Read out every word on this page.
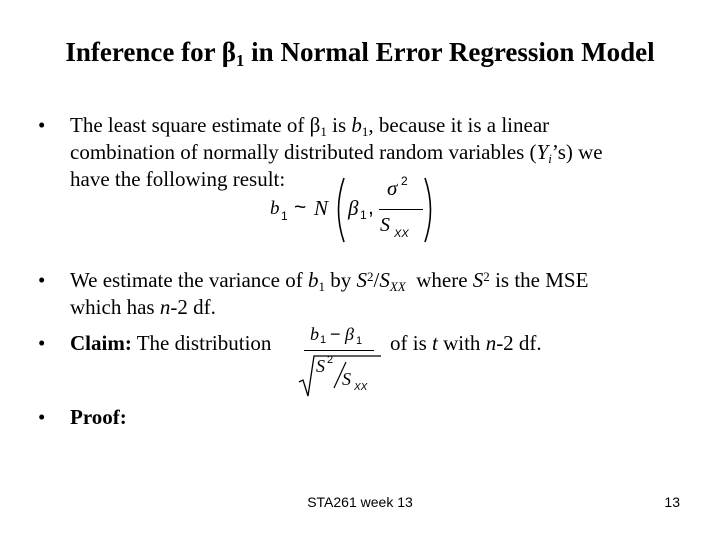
Inference for β1 in Normal Error Regression Model
• The least square estimate of β1 is b1, because it is a linear
combination of normally distributed random variables (Yi’s) we
have the following result:
b 1 ~ N β 1 ,
σ 2
S XX
• We estimate the variance of b1 by $S^2$/SXX  where $S^2$ is the MSE
which has n-2 df.
• Claim: The distribution	of is t with n-2 df.
b 1 − β 1
S 2
S XX
• Proof:
STA261 week 13	13
